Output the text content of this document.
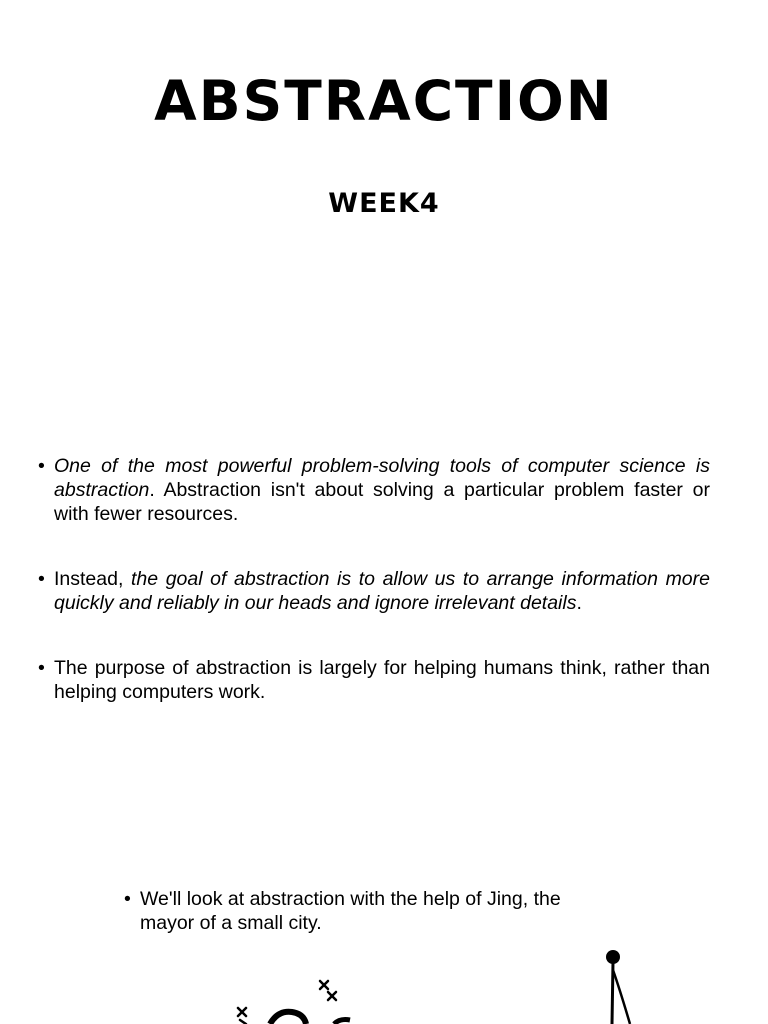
ABSTRACTION
WEEK4
• One of the most powerful problem-solving tools of computer science is abstraction. Abstraction isn't about solving a particular problem faster or with fewer resources.
• Instead, the goal of abstraction is to allow us to arrange information more quickly and reliably in our heads and ignore irrelevant details.
• The purpose of abstraction is largely for helping humans think, rather than helping computers work.
• We'll look at abstraction with the help of Jing, the mayor of a small city.
